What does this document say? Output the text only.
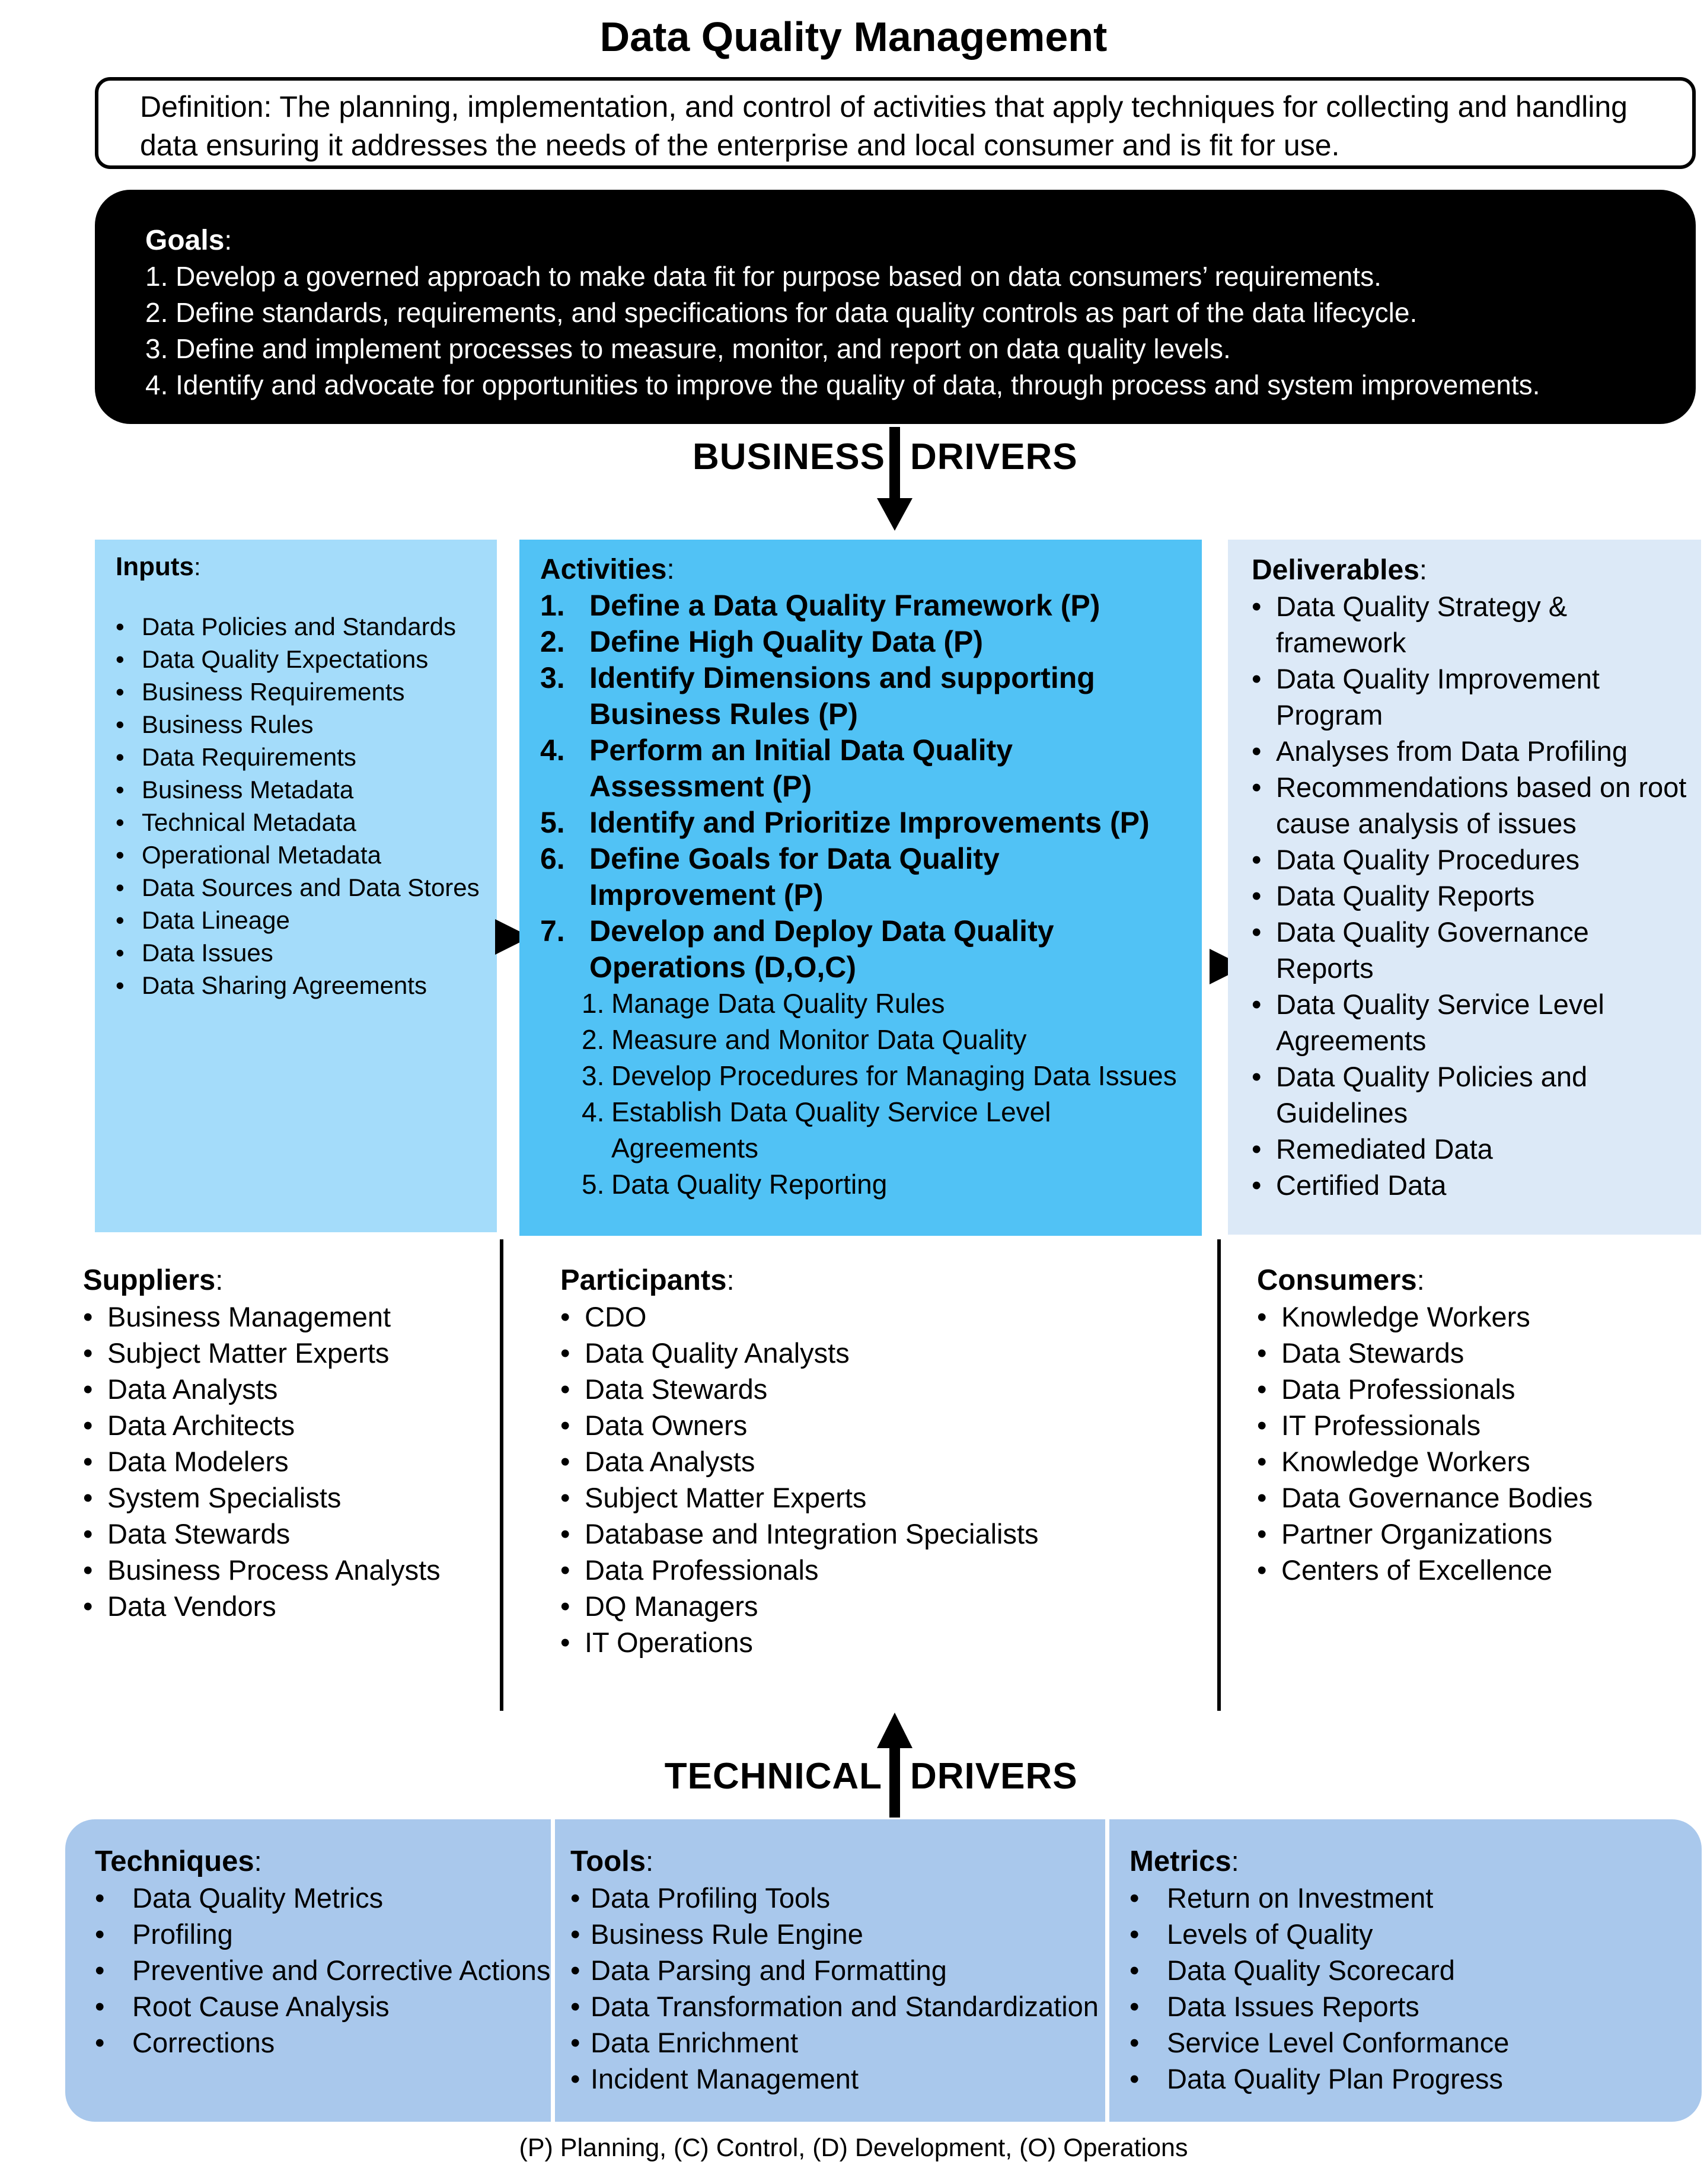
Data Quality Management
Definition: The planning, implementation, and control of activities that apply techniques for collecting and handling data ensuring it addresses the needs of the enterprise and local consumer and is fit for use.
Goals:
1. Develop a governed approach to make data fit for purpose based on data consumers’ requirements.
2. Define standards, requirements, and specifications for data quality controls as part of the data lifecycle.
3. Define and implement processes to measure, monitor, and report on data quality levels.
4. Identify and advocate for opportunities to improve the quality of data, through process and system improvements.
BUSINESS DRIVERS
Inputs:
• Data Policies and Standards
• Data Quality Expectations
• Business Requirements
• Business Rules
• Data Requirements
• Business Metadata
• Technical Metadata
• Operational Metadata
• Data Sources and Data Stores
• Data Lineage
• Data Issues
• Data Sharing Agreements
Activities:
1. Define a Data Quality Framework (P)
2. Define High Quality Data (P)
3. Identify Dimensions and supporting Business Rules (P)
4. Perform an Initial Data Quality Assessment (P)
5. Identify and Prioritize Improvements (P)
6. Define Goals for Data Quality Improvement (P)
7. Develop and Deploy Data Quality Operations (D,O,C)
1. Manage Data Quality Rules
2. Measure and Monitor Data Quality
3. Develop Procedures for Managing Data Issues
4. Establish Data Quality Service Level Agreements
5. Data Quality Reporting
Deliverables:
• Data Quality Strategy & framework
• Data Quality Improvement Program
• Analyses from Data Profiling
• Recommendations based on root cause analysis of issues
• Data Quality Procedures
• Data Quality Reports
• Data Quality Governance Reports
• Data Quality Service Level Agreements
• Data Quality Policies and Guidelines
• Remediated Data
• Certified Data
Suppliers:
• Business Management
• Subject Matter Experts
• Data Analysts
• Data Architects
• Data Modelers
• System Specialists
• Data Stewards
• Business Process Analysts
• Data Vendors
Participants:
• CDO
• Data Quality Analysts
• Data Stewards
• Data Owners
• Data Analysts
• Subject Matter Experts
• Database and Integration Specialists
• Data Professionals
• DQ Managers
• IT Operations
Consumers:
• Knowledge Workers
• Data Stewards
• Data Professionals
• IT Professionals
• Knowledge Workers
• Data Governance Bodies
• Partner Organizations
• Centers of Excellence
TECHNICAL DRIVERS
Techniques:
• Data Quality Metrics
• Profiling
• Preventive and Corrective Actions
• Root Cause Analysis
• Corrections
Tools:
• Data Profiling Tools
• Business Rule Engine
• Data Parsing and Formatting
• Data Transformation and Standardization
• Data Enrichment
• Incident Management
Metrics:
• Return on Investment
• Levels of Quality
• Data Quality Scorecard
• Data Issues Reports
• Service Level Conformance
• Data Quality Plan Progress
(P) Planning, (C) Control, (D) Development, (O) Operations
